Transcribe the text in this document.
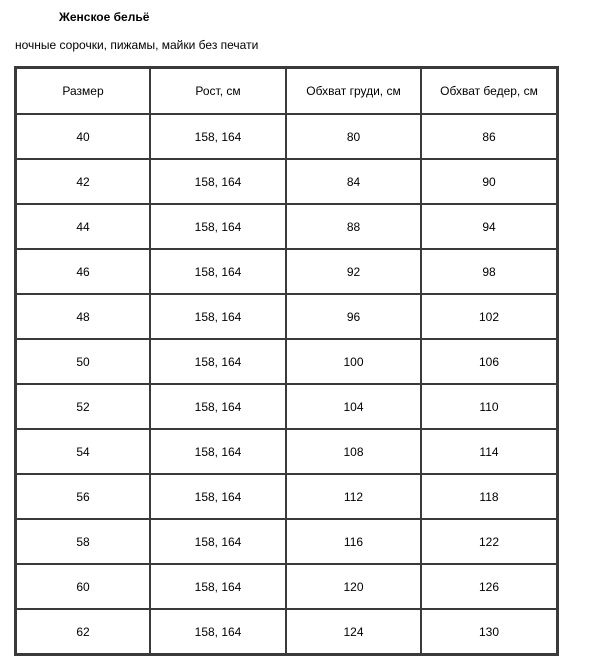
Женское бельё
ночные сорочки, пижамы, майки без печати
Размер	Рост, см	Обхват груди, см	Обхват бедер, см
40	158, 164	80	86
42	158, 164	84	90
44	158, 164	88	94
46	158, 164	92	98
48	158, 164	96	102
50	158, 164	100	106
52	158, 164	104	110
54	158, 164	108	114
56	158, 164	112	118
58	158, 164	116	122
60	158, 164	120	126
62	158, 164	124	130
